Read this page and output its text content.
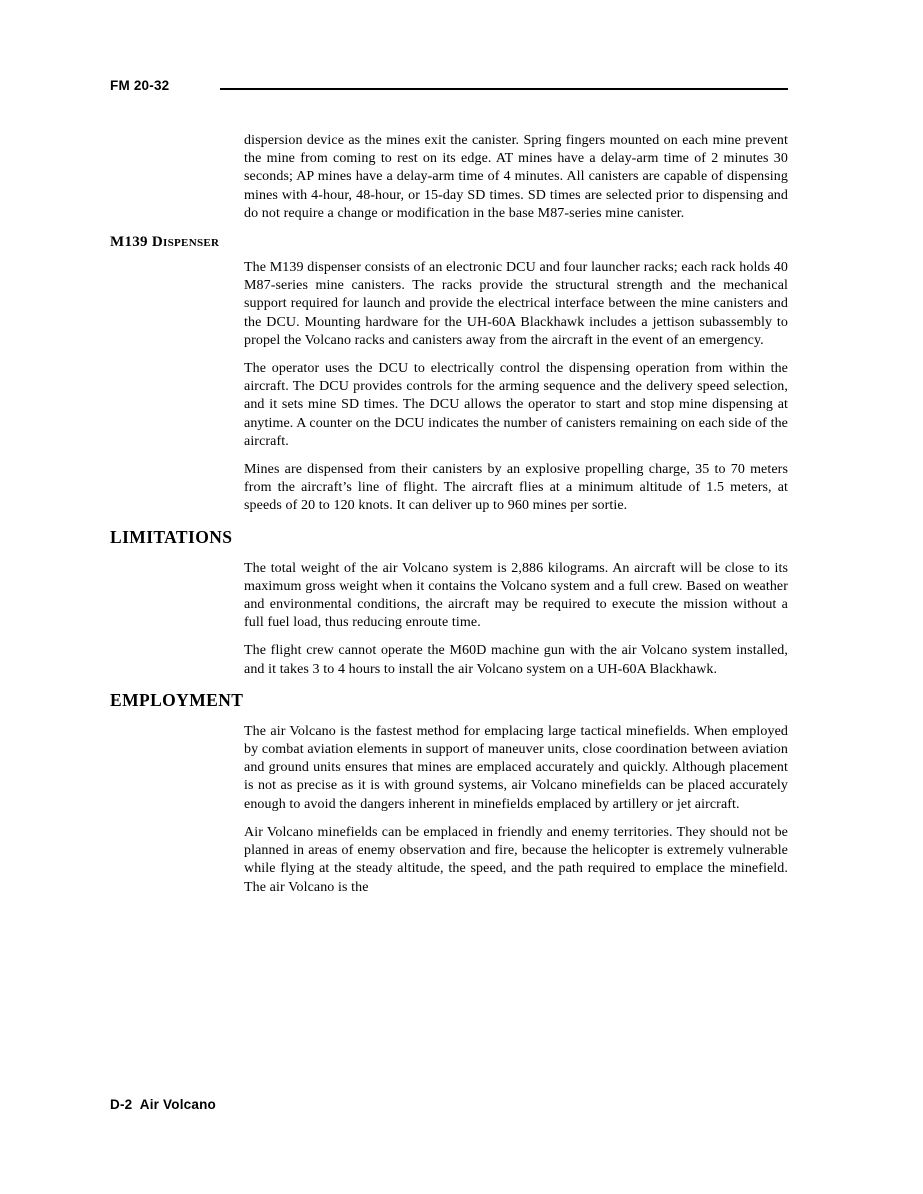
FM 20-32

dispersion device as the mines exit the canister. Spring fingers mounted on each mine prevent the mine from coming to rest on its edge. AT mines have a delay-arm time of 2 minutes 30 seconds; AP mines have a delay-arm time of 4 minutes. All canisters are capable of dispensing mines with 4-hour, 48-hour, or 15-day SD times. SD times are selected prior to dispensing and do not require a change or modification in the base M87-series mine canister.

M139 Dispenser

The M139 dispenser consists of an electronic DCU and four launcher racks; each rack holds 40 M87-series mine canisters. The racks provide the structural strength and the mechanical support required for launch and provide the electrical interface between the mine canisters and the DCU. Mounting hardware for the UH-60A Blackhawk includes a jettison subassembly to propel the Volcano racks and canisters away from the aircraft in the event of an emergency.

The operator uses the DCU to electrically control the dispensing operation from within the aircraft. The DCU provides controls for the arming sequence and the delivery speed selection, and it sets mine SD times. The DCU allows the operator to start and stop mine dispensing at anytime. A counter on the DCU indicates the number of canisters remaining on each side of the aircraft.

Mines are dispensed from their canisters by an explosive propelling charge, 35 to 70 meters from the aircraft’s line of flight. The aircraft flies at a minimum altitude of 1.5 meters, at speeds of 20 to 120 knots. It can deliver up to 960 mines per sortie.

LIMITATIONS

The total weight of the air Volcano system is 2,886 kilograms. An aircraft will be close to its maximum gross weight when it contains the Volcano system and a full crew. Based on weather and environmental conditions, the aircraft may be required to execute the mission without a full fuel load, thus reducing enroute time.

The flight crew cannot operate the M60D machine gun with the air Volcano system installed, and it takes 3 to 4 hours to install the air Volcano system on a UH-60A Blackhawk.

EMPLOYMENT

The air Volcano is the fastest method for emplacing large tactical minefields. When employed by combat aviation elements in support of maneuver units, close coordination between aviation and ground units ensures that mines are emplaced accurately and quickly. Although placement is not as precise as it is with ground systems, air Volcano minefields can be placed accurately enough to avoid the dangers inherent in minefields emplaced by artillery or jet aircraft.

Air Volcano minefields can be emplaced in friendly and enemy territories. They should not be planned in areas of enemy observation and fire, because the helicopter is extremely vulnerable while flying at the steady altitude, the speed, and the path required to emplace the minefield. The air Volcano is the

D-2  Air Volcano
